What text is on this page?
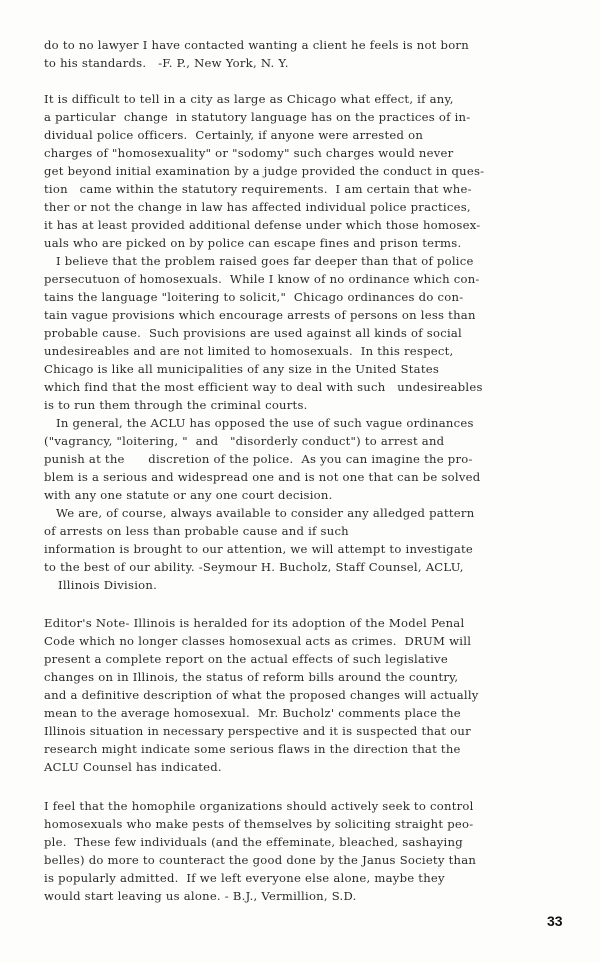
do to no lawyer I have contacted wanting a client he feels is not born
to his standards.   -F. P., New York, N. Y.
It is difficult to tell in a city as large as Chicago what effect, if any,
a particular  change  in statutory language has on the practices of in-
dividual police officers.  Certainly, if anyone were arrested on
charges of "homosexuality" or "sodomy" such charges would never
get beyond initial examination by a judge provided the conduct in ques-
tion   came within the statutory requirements.  I am certain that whe-
ther or not the change in law has affected individual police practices,
it has at least provided additional defense under which those homosex-
uals who are picked on by police can escape fines and prison terms.
I believe that the problem raised goes far deeper than that of police
persecutuon of homosexuals.  While I know of no ordinance which con-
tains the language "loitering to solicit,"  Chicago ordinances do con-
tain vague provisions which encourage arrests of persons on less than
probable cause.  Such provisions are used against all kinds of social
undesireables and are not limited to homosexuals.  In this respect,
Chicago is like all municipalities of any size in the United States
which find that the most efficient way to deal with such   undesireables
is to run them through the criminal courts.
In general, the ACLU has opposed the use of such vague ordinances
("vagrancy, "loitering, "  and   "disorderly conduct") to arrest and
punish at the      discretion of the police.  As you can imagine the pro-
blem is a serious and widespread one and is not one that can be solved
with any one statute or any one court decision.
We are, of course, always available to consider any alledged pattern
of arrests on less than probable cause and if such
information is brought to our attention, we will attempt to investigate
to the best of our ability. -Seymour H. Bucholz, Staff Counsel, ACLU,
Illinois Division.
Editor's Note- Illinois is heralded for its adoption of the Model Penal
Code which no longer classes homosexual acts as crimes.  DRUM will
present a complete report on the actual effects of such legislative
changes on in Illinois, the status of reform bills around the country,
and a definitive description of what the proposed changes will actually
mean to the average homosexual.  Mr. Bucholz' comments place the
Illinois situation in necessary perspective and it is suspected that our
research might indicate some serious flaws in the direction that the
ACLU Counsel has indicated.
I feel that the homophile organizations should actively seek to control
homosexuals who make pests of themselves by soliciting straight peo-
ple.  These few individuals (and the effeminate, bleached, sashaying
belles) do more to counteract the good done by the Janus Society than
is popularly admitted.  If we left everyone else alone, maybe they
would start leaving us alone. - B.J., Vermillion, S.D.
33
